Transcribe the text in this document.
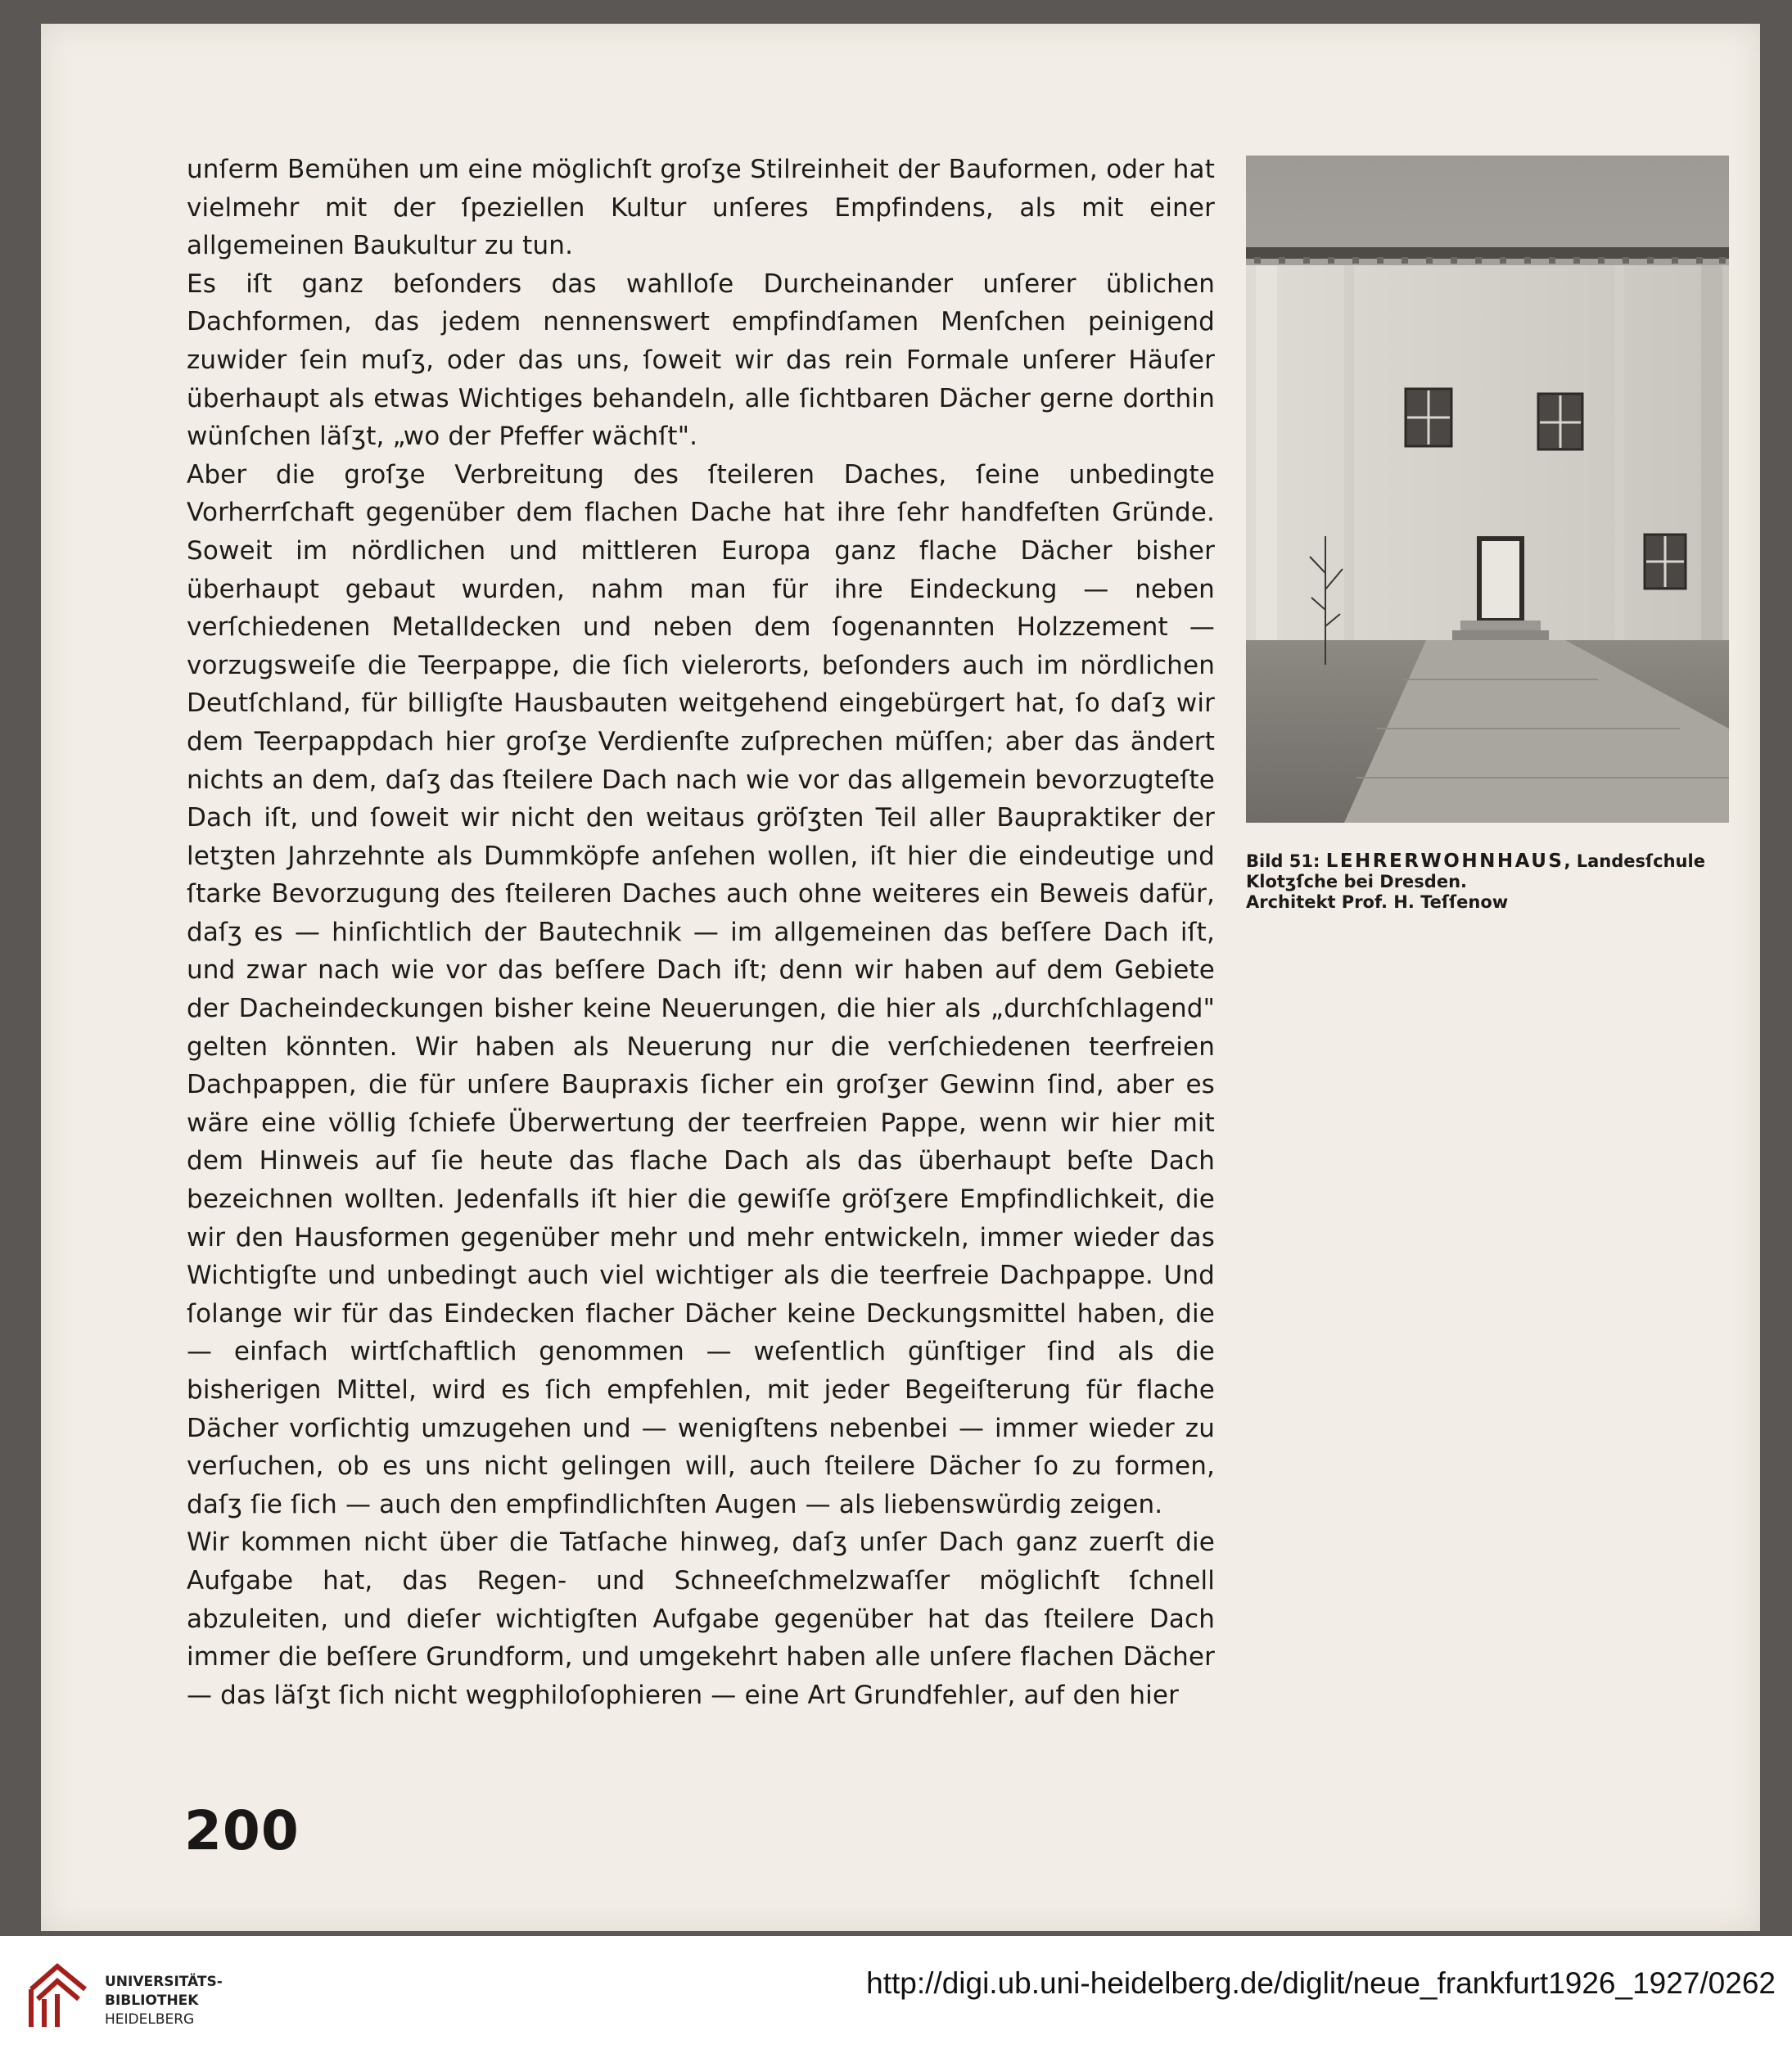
unſerm Bemühen um eine möglichſt groſʒe Stilreinheit der Bauformen, oder hat vielmehr mit der ſpeziellen Kultur unſeres Empfindens, als mit einer allgemeinen Baukultur zu tun.

Es iſt ganz beſonders das wahlloſe Durcheinander unſerer üblichen Dachformen, das jedem nennenswert empfindſamen Menſchen peinigend zuwider ſein muſʒ, oder das uns, ſoweit wir das rein Formale unſerer Häuſer überhaupt als etwas Wichtiges behandeln, alle ſichtbaren Dächer gerne dorthin wünſchen läſʒt, „wo der Pfeffer wächſt".

Aber die groſʒe Verbreitung des ſteileren Daches, ſeine unbedingte Vorherrſchaft gegenüber dem flachen Dache hat ihre ſehr handfeſten Gründe. Soweit im nördlichen und mittleren Europa ganz flache Dächer bisher überhaupt gebaut wurden, nahm man für ihre Eindeckung — neben verſchiedenen Metalldecken und neben dem ſogenannten Holzzement — vorzugsweiſe die Teerpappe, die ſich vielerorts, beſonders auch im nördlichen Deutſchland, für billigſte Hausbauten weitgehend eingebürgert hat, ſo daſʒ wir dem Teerpappdach hier groſʒe Verdienſte zuſprechen müſſen; aber das ändert nichts an dem, daſʒ das ſteilere Dach nach wie vor das allgemein bevorzugteſte Dach iſt, und ſoweit wir nicht den weitaus gröſʒten Teil aller Baupraktiker der letʒten Jahrzehnte als Dummköpfe anſehen wollen, iſt hier die eindeutige und ſtarke Bevorzugung des ſteileren Daches auch ohne weiteres ein Beweis dafür, daſʒ es — hinſichtlich der Bautechnik — im allgemeinen das beſſere Dach iſt, und zwar nach wie vor das beſſere Dach iſt; denn wir haben auf dem Gebiete der Dacheindeckungen bisher keine Neuerungen, die hier als „durchſchlagend" gelten könnten. Wir haben als Neuerung nur die verſchiedenen teerfreien Dachpappen, die für unſere Baupraxis ſicher ein groſʒer Gewinn ſind, aber es wäre eine völlig ſchiefe Überwertung der teerfreien Pappe, wenn wir hier mit dem Hinweis auf ſie heute das flache Dach als das überhaupt beſte Dach bezeichnen wollten. Jedenfalls iſt hier die gewiſſe gröſʒere Empfindlichkeit, die wir den Hausformen gegenüber mehr und mehr entwickeln, immer wieder das Wichtigſte und unbedingt auch viel wichtiger als die teerfreie Dachpappe. Und ſolange wir für das Eindecken flacher Dächer keine Deckungsmittel haben, die — einfach wirtſchaftlich genommen — weſentlich günſtiger ſind als die bisherigen Mittel, wird es ſich empfehlen, mit jeder Begeiſterung für flache Dächer vorſichtig umzugehen und — wenigſtens nebenbei — immer wieder zu verſuchen, ob es uns nicht gelingen will, auch ſteilere Dächer ſo zu formen, daſʒ ſie ſich — auch den empfindlichſten Augen — als liebenswürdig zeigen.

Wir kommen nicht über die Tatſache hinweg, daſʒ unſer Dach ganz zuerſt die Aufgabe hat, das Regen- und Schneeſchmelzwaſſer möglichſt ſchnell abzuleiten, und dieſer wichtigſten Aufgabe gegenüber hat das ſteilere Dach immer die beſſere Grundform, und umgekehrt haben alle unſere flachen Dächer — das läſʒt ſich nicht wegphiloſophieren — eine Art Grundfehler, auf den hier

Bild 51: LEHRERWOHNHAUS, Landesſchule
Klotʒſche bei Dresden.
Architekt Prof. H. Teſſenow
200
UNIVERSITÄTS-
BIBLIOTHEK
HEIDELBERG
http://digi.ub.uni-heidelberg.de/diglit/neue_frankfurt1926_1927/0262
